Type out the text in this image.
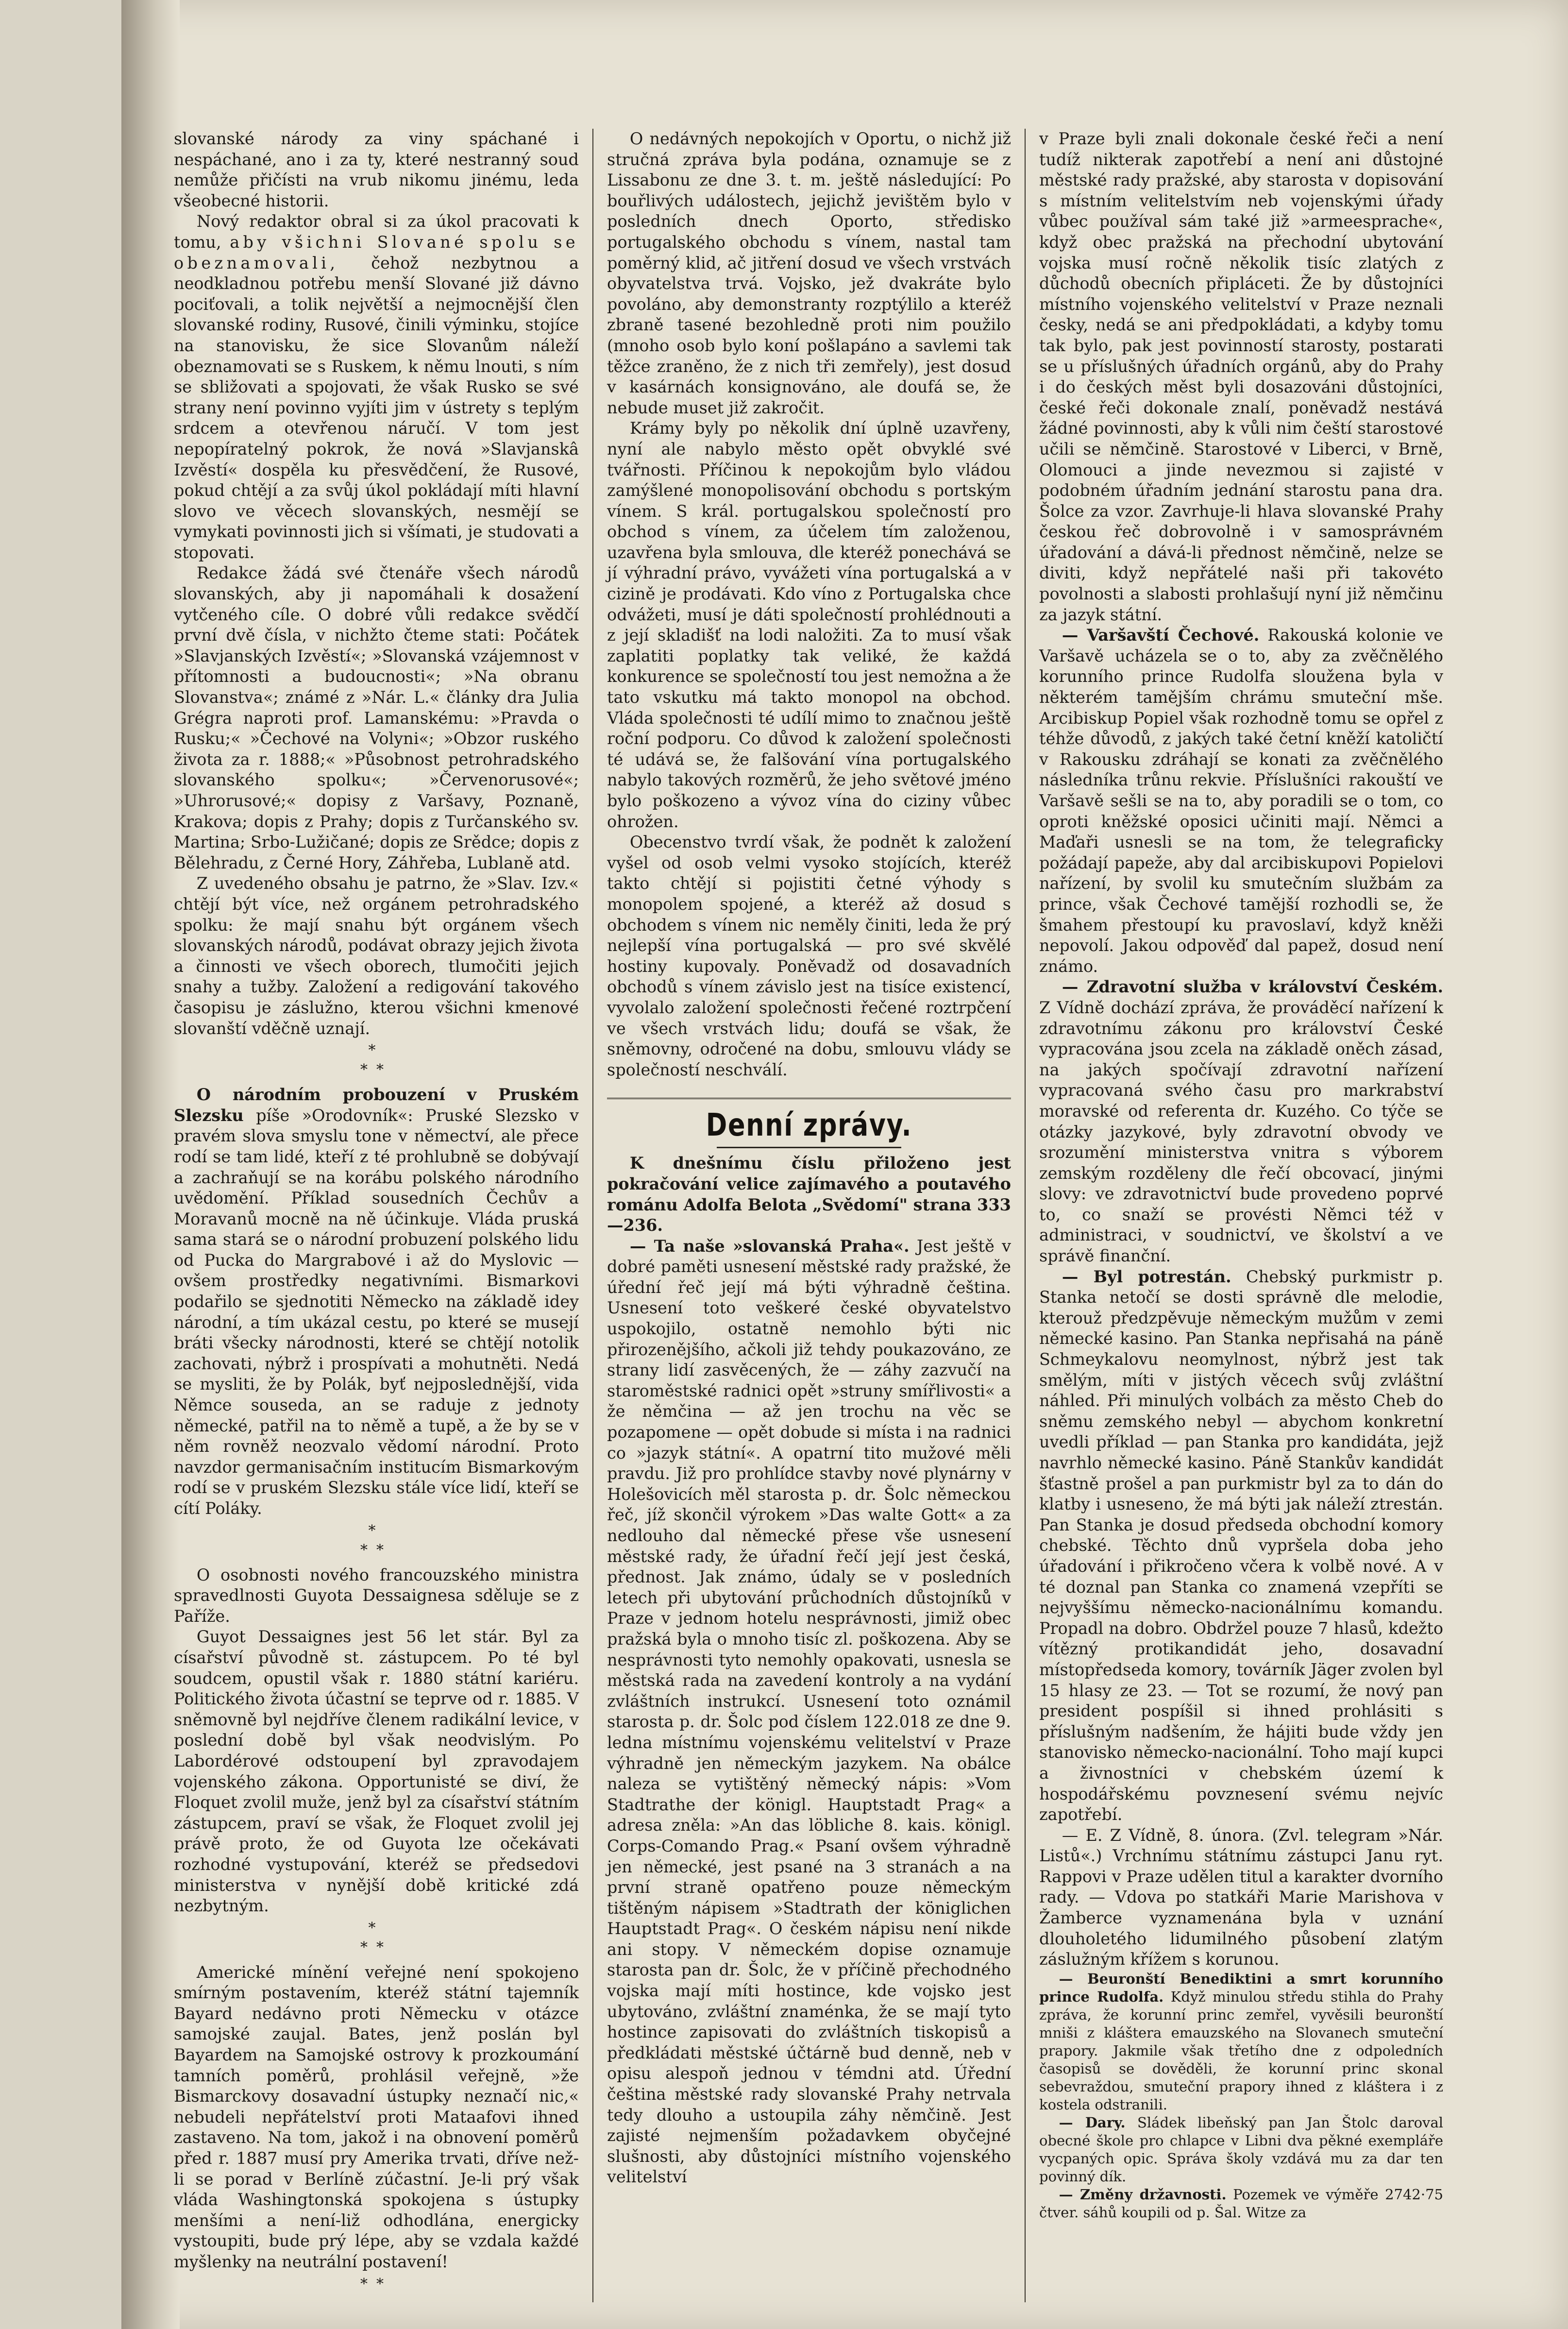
slovanské národy za viny spáchané i nespáchané, ano i za ty, které nestranný soud nemůže přičísti na vrub nikomu jinému, leda všeobecné historii.

Nový redaktor obral si za úkol pracovati k tomu, aby všichni Slované spolu se obeznamovali, čehož nezbytnou a neodkladnou potřebu menší Slované již dávno pociťovali, a tolik největší a nejmocnější člen slovanské rodiny, Rusové, činili výminku, stojíce na stanovisku, že sice Slovanům náleží obeznamovati se s Ruskem, k němu lnouti, s ním se sbližovati a spojovati, že však Rusko se své strany není povinno vyjíti jim v ústrety s teplým srdcem a otevřenou náručí. V tom jest nepopíratelný pokrok, že nová »Slavjanskâ Izvěstí« dospěla ku přesvědčení, že Rusové, pokud chtějí a za svůj úkol pokládají míti hlavní slovo ve věcech slovanských, nesmějí se vymykati povinnosti jich si všímati, je studovati a stopovati.

Redakce žádá své čtenáře všech národů slovanských, aby ji napomáhali k dosažení vytčeného cíle. O dobré vůli redakce svědčí první dvě čísla, v nichžto čteme stati: Počátek »Slavjanských Izvěstí«; »Slovanská vzájemnost v přítomnosti a budoucnosti«; »Na obranu Slovanstva«; známé z »Nár. L.« články dra Julia Grégra naproti prof. Lamanskému: »Pravda o Rusku;« »Čechové na Volyni«; »Obzor ruského života za r. 1888;« »Působnost petrohradského slovanského spolku«; »Červenorusové«; »Uhrorusové;« dopisy z Varšavy, Poznaně, Krakova; dopis z Prahy; dopis z Turčanského sv. Martina; Srbo-Lužičané; dopis ze Srědce; dopis z Bělehradu, z Černé Hory, Záhřeba, Lublaně atd.

Z uvedeného obsahu je patrno, že »Slav. Izv.« chtějí být více, než orgánem petrohradského spolku: že mají snahu být orgánem všech slovanských národů, podávat obrazy jejich života a činnosti ve všech oborech, tlumočiti jejich snahy a tužby. Založení a redigování takového časopisu je záslužno, kterou všichni kmenové slovanští vděčně uznají.

*
**

O národním probouzení v Pruském Slezsku píše »Orodovník«: Pruské Slezsko v pravém slova smyslu tone v němectví, ale přece rodí se tam lidé, kteří z té prohlubně se dobývají a zachraňují se na korábu polského národního uvědomění. Příklad sousedních Čechův a Moravanů mocně na ně účinkuje. Vláda pruská sama stará se o národní probuzení polského lidu od Pucka do Margrabové i až do Myslovic — ovšem prostředky negativními. Bismarkovi podařilo se sjednotiti Německo na základě idey národní, a tím ukázal cestu, po které se musejí bráti všecky národnosti, které se chtějí notolik zachovati, nýbrž i prospívati a mohutněti. Nedá se mysliti, že by Polák, byť nejposlednější, vida Němce souseda, an se raduje z jednoty německé, patřil na to němě a tupě, a že by se v něm rovněž neozvalo vědomí národní. Proto navzdor germanisačním institucím Bismarkovým rodí se v pruském Slezsku stále více lidí, kteří se cítí Poláky.

*
**

O osobnosti nového francouzského ministra spravedlnosti Guyota Dessaignesa sděluje se z Paříže.

Guyot Dessaignes jest 56 let stár. Byl za císařství původně st. zástupcem. Po té byl soudcem, opustil však r. 1880 státní kariéru. Politického života účastní se teprve od r. 1885. V sněmovně byl nejdříve členem radikální levice, v poslední době byl však neodvislým. Po Labordérové odstoupení byl zpravodajem vojenského zákona. Opportunisté se diví, že Floquet zvolil muže, jenž byl za císařství státním zástupcem, praví se však, že Floquet zvolil jej právě proto, že od Guyota lze očekávati rozhodné vystupování, kteréž se předsedovi ministerstva v nynější době kritické zdá nezbytným.

*
**

Americké mínění veřejné není spokojeno smírným postavením, kteréž státní tajemník Bayard nedávno proti Německu v otázce samojské zaujal. Bates, jenž poslán byl Bayardem na Samojské ostrovy k prozkoumání tamních poměrů, prohlásil veřejně, »že Bismarckovy dosavadní ústupky neznačí nic,« nebudeli nepřátelství proti Mataafovi ihned zastaveno. Na tom, jakož i na obnovení poměrů před r. 1887 musí pry Amerika trvati, dříve než-li se porad v Berlíně zúčastní. Je-li prý však vláda Washingtonská spokojena s ústupky menšími a není-liž odhodlána, energicky vystoupiti, bude prý lépe, aby se vzdala každé myšlenky na neutrální postavení!

**

O nedávných nepokojích v Oportu, o nichž již stručná zpráva byla podána, oznamuje se z Lissabonu ze dne 3. t. m. ještě následující: Po bouřlivých událostech, jejichž jevištěm bylo v posledních dnech Oporto, středisko portugalského obchodu s vínem, nastal tam poměrný klid, ač jitření dosud ve všech vrstvách obyvatelstva trvá. Vojsko, jež dvakráte bylo povoláno, aby demonstranty rozptýlilo a kteréž zbraně tasené bezohledně proti nim použilo (mnoho osob bylo koní pošlapáno a savlemi tak těžce zraněno, že z nich tři zemřely), jest dosud v kasárnách konsignováno, ale doufá se, že nebude muset již zakročit.

Krámy byly po několik dní úplně uzavřeny, nyní ale nabylo město opět obvyklé své tvářnosti. Příčinou k nepokojům bylo vládou zamýšlené monopolisování obchodu s portským vínem. S král. portugalskou společností pro obchod s vínem, za účelem tím založenou, uzavřena byla smlouva, dle kteréž ponechává se jí výhradní právo, vyvážeti vína portugalská a v cizině je prodávati. Kdo víno z Portugalska chce odvážeti, musí je dáti společností prohlédnouti a z její skladišť na lodi naložiti. Za to musí však zaplatiti poplatky tak veliké, že každá konkurence se společností tou jest nemožna a že tato vskutku má takto monopol na obchod. Vláda společnosti té udílí mimo to značnou ještě roční podporu. Co důvod k založení společnosti té udává se, že falšování vína portugalského nabylo takových rozměrů, že jeho světové jméno bylo poškozeno a vývoz vína do ciziny vůbec ohrožen.

Obecenstvo tvrdí však, že podnět k založení vyšel od osob velmi vysoko stojících, kteréž takto chtějí si pojistiti četné výhody s monopolem spojené, a kteréž až dosud s obchodem s vínem nic neměly činiti, leda že prý nejlepší vína portugalská — pro své skvělé hostiny kupovaly. Poněvadž od dosavadních obchodů s vínem závislo jest na tisíce existencí, vyvolalo založení společnosti řečené roztrpčení ve všech vrstvách lidu; doufá se však, že sněmovny, odročené na dobu, smlouvu vlády se společností neschválí.

Denní zprávy.

K dnešnímu číslu přiloženo jest pokračování velice zajímavého a poutavého románu Adolfa Belota „Svědomí" strana 333—236.

— Ta naše »slovanská Praha«. Jest ještě v dobré paměti usnesení městské rady pražské, že úřední řeč její má býti výhradně čeština. Usnesení toto veškeré české obyvatelstvo uspokojilo, ostatně nemohlo býti nic přirozenějšího, ačkoli již tehdy poukazováno, ze strany lidí zasvěcených, že — záhy zazvučí na staroměstské radnici opět »struny smířlivosti« a že němčina — až jen trochu na věc se pozapomene — opět dobude si místa i na radnici co »jazyk státní«. A opatrní tito mužové měli pravdu. Již pro prohlídce stavby nové plynárny v Holešovicích měl starosta p. dr. Šolc německou řeč, jíž skončil výrokem »Das walte Gott« a za nedlouho dal německé přese vše usnesení městské rady, že úřadní řečí její jest česká, přednost. Jak známo, údaly se v posledních letech při ubytování průchodních důstojníků v Praze v jednom hotelu nesprávnosti, jimiž obec pražská byla o mnoho tisíc zl. poškozena. Aby se nesprávnosti tyto nemohly opakovati, usnesla se městská rada na zavedení kontroly a na vydání zvláštních instrukcí. Usnesení toto oznámil starosta p. dr. Šolc pod číslem 122.018 ze dne 9. ledna místnímu vojenskému velitelství v Praze výhradně jen německým jazykem. Na obálce naleza se vytištěný německý nápis: »Vom Stadtrathe der königl. Hauptstadt Prag« a adresa zněla: »An das löbliche 8. kais. königl. Corps-Comando Prag.« Psaní ovšem výhradně jen německé, jest psané na 3 stranách a na první straně opatřeno pouze německým tištěným nápisem »Stadtrath der königlichen Hauptstadt Prag«. O českém nápisu není nikde ani stopy. V německém dopise oznamuje starosta pan dr. Šolc, že v příčině přechodného vojska mají míti hostince, kde vojsko jest ubytováno, zvláštní znaménka, že se mají tyto hostince zapisovati do zvláštních tiskopisů a předkládati městské účtárně bud denně, neb v opisu alespoň jednou v témdni atd. Úřední čeština městské rady slovanské Prahy netrvala tedy dlouho a ustoupila záhy němčině. Jest zajisté nejmenším požadavkem obyčejné slušnosti, aby důstojníci místního vojenského velitelství

v Praze byli znali dokonale české řeči a není tudíž nikterak zapotřebí a není ani důstojné městské rady pražské, aby starosta v dopisování s místním velitelstvím neb vojenskými úřady vůbec používal sám také již »armeesprache«, když obec pražská na přechodní ubytování vojska musí ročně několik tisíc zlatých z důchodů obecních připláceti. Že by důstojníci místního vojenského velitelství v Praze neznali česky, nedá se ani předpokládati, a kdyby tomu tak bylo, pak jest povinností starosty, postarati se u příslušných úřadních orgánů, aby do Prahy i do českých měst byli dosazováni důstojníci, české řeči dokonale znalí, poněvadž nestává žádné povinnosti, aby k vůli nim čeští starostové učili se němčině. Starostové v Liberci, v Brně, Olomouci a jinde nevezmou si zajisté v podobném úřadním jednání starostu pana dra. Šolce za vzor. Zavrhuje-li hlava slovanské Prahy českou řeč dobrovolně i v samosprávném úřadování a dává-li přednost němčině, nelze se diviti, když nepřátelé naši při takovéto povolnosti a slabosti prohlašují nyní již němčinu za jazyk státní.

— Varšavští Čechové. Rakouská kolonie ve Varšavě ucházela se o to, aby za zvěčnělého korunního prince Rudolfa sloužena byla v některém tamějším chrámu smuteční mše. Arcibiskup Popiel však rozhodně tomu se opřel z téhže důvodů, z jakých také četní kněží katoličtí v Rakousku zdráhají se konati za zvěčnělého následníka trůnu rekvie. Příslušníci rakouští ve Varšavě sešli se na to, aby poradili se o tom, co oproti kněžské oposici učiniti mají. Němci a Maďaři usnesli se na tom, že telegraficky požádají papeže, aby dal arcibiskupovi Popielovi nařízení, by svolil ku smutečním službám za prince, však Čechové tamější rozhodli se, že šmahem přestoupí ku pravoslaví, když kněži nepovolí. Jakou odpověď dal papež, dosud není známo.

— Zdravotní služba v království Českém. Z Vídně dochází zpráva, že prováděcí nařízení k zdravotnímu zákonu pro království České vypracována jsou zcela na základě oněch zásad, na jakých spočívají zdravotní nařízení vypracovaná svého času pro markrabství moravské od referenta dr. Kuzého. Co týče se otázky jazykové, byly zdravotní obvody ve srozumění ministerstva vnitra s výborem zemským rozděleny dle řečí obcovací, jinými slovy: ve zdravotnictví bude provedeno poprvé to, co snaží se provésti Němci též v administraci, v soudnictví, ve školství a ve správě finanční.

— Byl potrestán. Chebský purkmistr p. Stanka netočí se dosti správně dle melodie, kterouž předzpěvuje německým mužům v zemi německé kasino. Pan Stanka nepřisahá na páně Schmeykalovu neomylnost, nýbrž jest tak smělým, míti v jistých věcech svůj zvláštní náhled. Při minulých volbách za město Cheb do sněmu zemského nebyl — abychom konkretní uvedli příklad — pan Stanka pro kandidáta, jejž navrhlo německé kasino. Páně Stankův kandidát šťastně prošel a pan purkmistr byl za to dán do klatby i usneseno, že má býti jak náleží ztrestán. Pan Stanka je dosud předseda obchodní komory chebské. Těchto dnů vypršela doba jeho úřadování i přikročeno včera k volbě nové. A v té doznal pan Stanka co znamená vzepříti se nejvyššímu německo-nacionálnímu komandu. Propadl na dobro. Obdržel pouze 7 hlasů, kdežto vítězný protikandidát jeho, dosavadní místopředseda komory, továrník Jäger zvolen byl 15 hlasy ze 23. — Tot se rozumí, že nový pan president pospíšil si ihned prohlásiti s příslušným nadšením, že hájiti bude vždy jen stanovisko německo-nacionální. Toho mají kupci a živnostníci v chebském území k hospodářskému povznesení svému nejvíc zapotřebí.

— E. Z Vídně, 8. února. (Zvl. telegram »Nár. Listů«.) Vrchnímu státnímu zástupci Janu ryt. Rappovi v Praze udělen titul a karakter dvorního rady. — Vdova po statkáři Marie Marishova v Žamberce vyznamenána byla v uznání dlouholetého lidumilného působení zlatým záslužným křížem s korunou.

— Beuronští Benediktini a smrt korunního prince Rudolfa. Když minulou středu stihla do Prahy zpráva, že korunní princ zemřel, vyvěsili beuronští mniši z kláštera emauzského na Slovanech smuteční prapory. Jakmile však třetího dne z odpoledních časopisů se dověděli, že korunní princ skonal sebevraždou, smuteční prapory ihned z kláštera i z kostela odstranili.

— Dary. Sládek libeňský pan Jan Štolc daroval obecné škole pro chlapce v Libni dva pěkné exempláře vycpaných opic. Správa školy vzdává mu za dar ten povinný dík.

— Změny državnosti. Pozemek ve výměře 2742·75 čtver. sáhů koupili od p. Šal. Witze za
